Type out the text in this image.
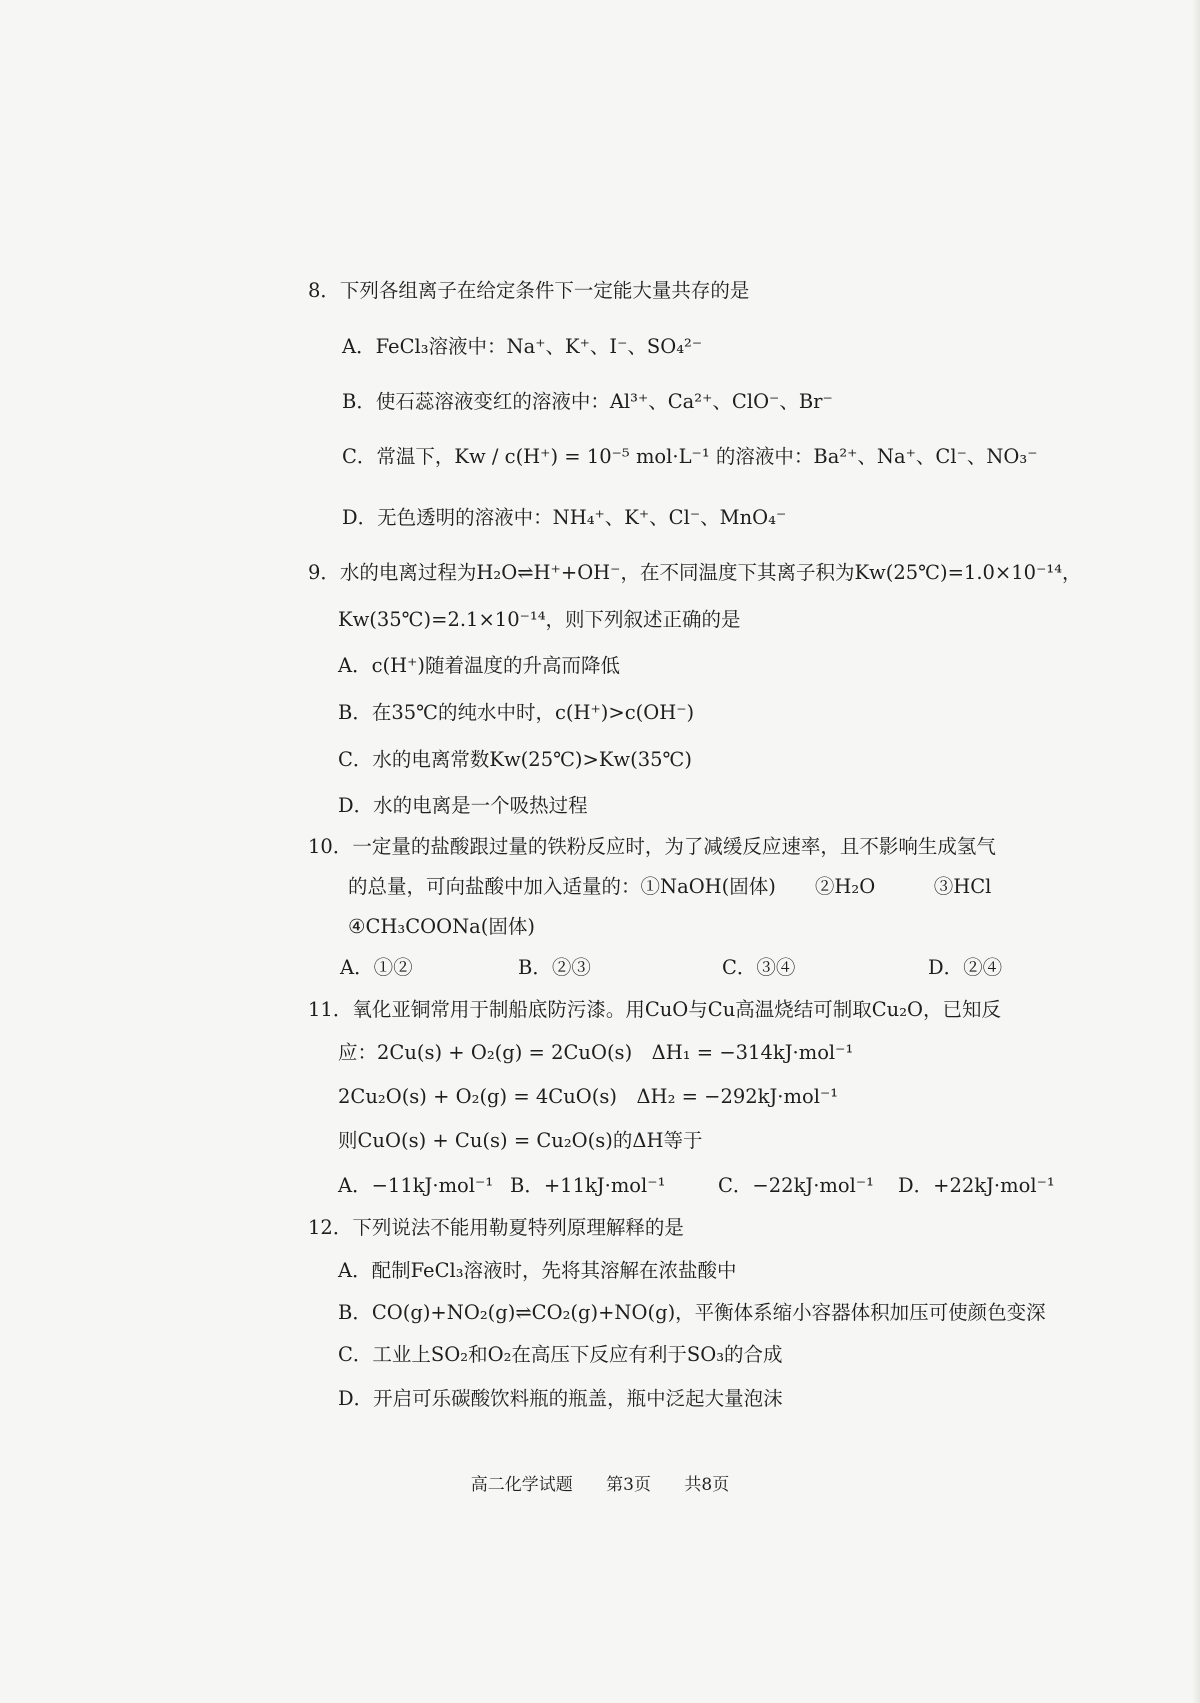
8．下列各组离子在给定条件下一定能大量共存的是
A．FeCl₃溶液中：Na⁺、K⁺、I⁻、SO₄²⁻
B．使石蕊溶液变红的溶液中：Al³⁺、Ca²⁺、ClO⁻、Br⁻
C．常温下，Kw / c(H⁺) = 10⁻⁵ mol·L⁻¹ 的溶液中：Ba²⁺、Na⁺、Cl⁻、NO₃⁻
D．无色透明的溶液中：NH₄⁺、K⁺、Cl⁻、MnO₄⁻
9．水的电离过程为H₂O⇌H⁺+OH⁻，在不同温度下其离子积为Kw(25℃)=1.0×10⁻¹⁴，
Kw(35℃)=2.1×10⁻¹⁴，则下列叙述正确的是
A．c(H⁺)随着温度的升高而降低
B．在35℃的纯水中时，c(H⁺)>c(OH⁻)
C．水的电离常数Kw(25℃)>Kw(35℃)
D．水的电离是一个吸热过程
10．一定量的盐酸跟过量的铁粉反应时，为了减缓反应速率，且不影响生成氢气
的总量，可向盐酸中加入适量的：①NaOH(固体)　　②H₂O　　　③HCl
④CH₃COONa(固体)
A．①②	B．②③	C．③④	D．②④
11．氧化亚铜常用于制船底防污漆。用CuO与Cu高温烧结可制取Cu₂O，已知反
应：2Cu(s) + O₂(g) = 2CuO(s)　ΔH₁ = −314kJ·mol⁻¹
2Cu₂O(s) + O₂(g) = 4CuO(s)　ΔH₂ = −292kJ·mol⁻¹
则CuO(s) + Cu(s) = Cu₂O(s)的ΔH等于
A．−11kJ·mol⁻¹ B．+11kJ·mol⁻¹	C．−22kJ·mol⁻¹ D．+22kJ·mol⁻¹
12．下列说法不能用勒夏特列原理解释的是
A．配制FeCl₃溶液时，先将其溶解在浓盐酸中
B．CO(g)+NO₂(g)⇌CO₂(g)+NO(g)，平衡体系缩小容器体积加压可使颜色变深
C．工业上SO₂和O₂在高压下反应有利于SO₃的合成
D．开启可乐碳酸饮料瓶的瓶盖，瓶中泛起大量泡沫
高二化学试题 第3页 共8页
